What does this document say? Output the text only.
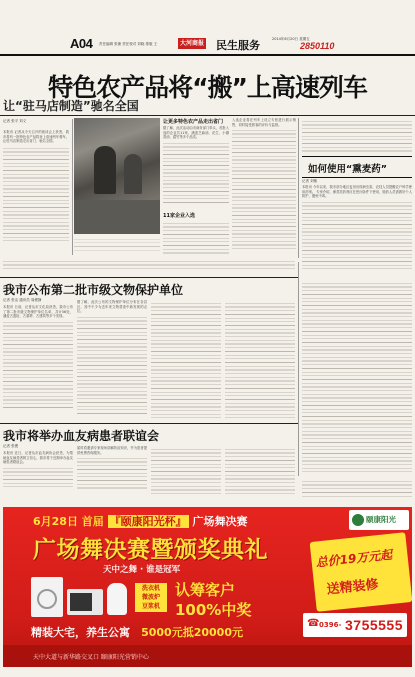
A04 责任编辑 张兼 责任校对 刘晓 排版 王	大河商报 民生服务	2014年6月20日 星期五
2850110
特色农产品将“搬”上高速列车
让“驻马店制造”驰名全国
记者 张平 刘义
本报讯 记者从今天召开的座谈会上获悉，我市将有一批特色农产品将登上高速列车餐车，让驻马店制造走出省门、驰名全国。
让更多特色农产品走出省门
据了解，此次活动由市商务部门牵头，首批入选的企业共11家，涵盖芝麻油、花生、小磨香油、腐竹等多个品类。
11家企业入选
入选企业将在列车上设立专柜进行展示销售，同时接受旅客的评价与监督。
如何使用“熏麦药”
记者 刘敏
本报讯 今年以来，我市部分地区麦田出现病虫害，农技人员提醒农户科学使用药剂。 专家介绍，熏蒸类药剂应在密闭条件下使用，施药人员需做好个人防护，避免中毒。
我市公布第二批市级文物保护单位
记者 张洁 通讯员 周俊静
本报讯 日前，记者从市文化局获悉，我市公布了第二批市级文物保护单位名单，共计56处，涵盖古遗址、古墓葬、古建筑等多个类别。
据了解，此次公布的文物保护单位分布在各县区，其中不少为近年来文物普查中新发现的点位。
我市将举办血友病患者联谊会
记者 张俊
本报讯 近日，记者从市血友病协会获悉，为帮助血友病患者树立信心，我市将于近期举办血友病患者联谊会。
届时将邀请专家现场讲解防治知识，并为患者提供免费咨询服务。
6月28日 首届 『颐康阳光杯』 广场舞决赛	颐康阳光
广场舞决赛暨颁奖典礼	总价19万元起
送精装修
天中之舞 · 谁是冠军
洗衣机
微波炉
豆浆机
认筹客户
100%中奖
精装大宅，养生公寓 5000元抵20000元
☎ 0396- 3755555
天中大道与新华路交叉口 颐康阳光营销中心
